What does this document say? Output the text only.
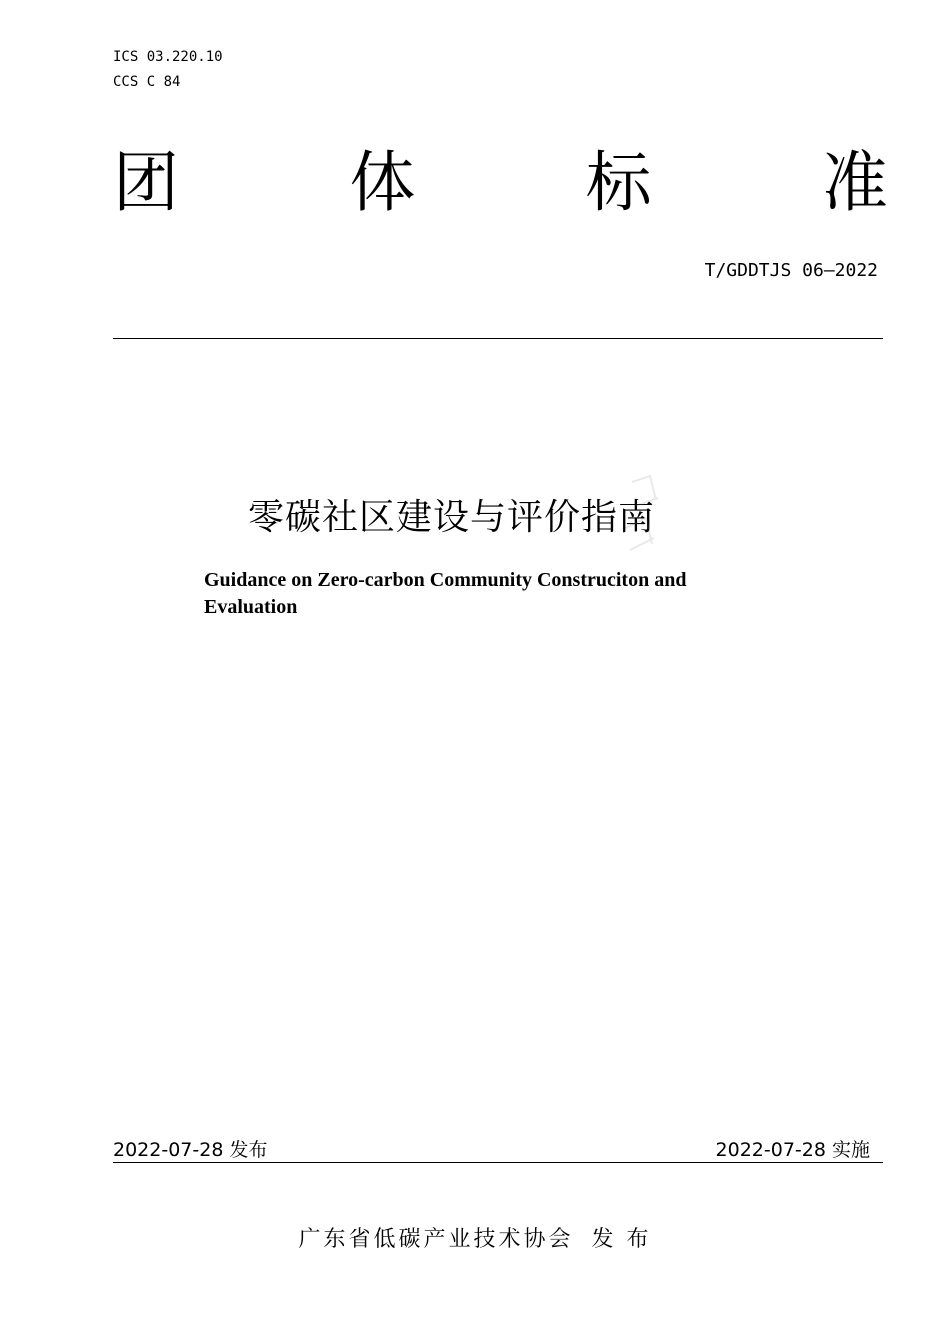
ICS 03.220.10
CCS C 84
团	体	标	准
T/GDDTJS 06—2022
零碳社区建设与评价指南
Guidance on Zero-carbon Community Construciton and Evaluation
2022-07-28 发布	2022-07-28 实施
广东省低碳产业技术协会 发 布
